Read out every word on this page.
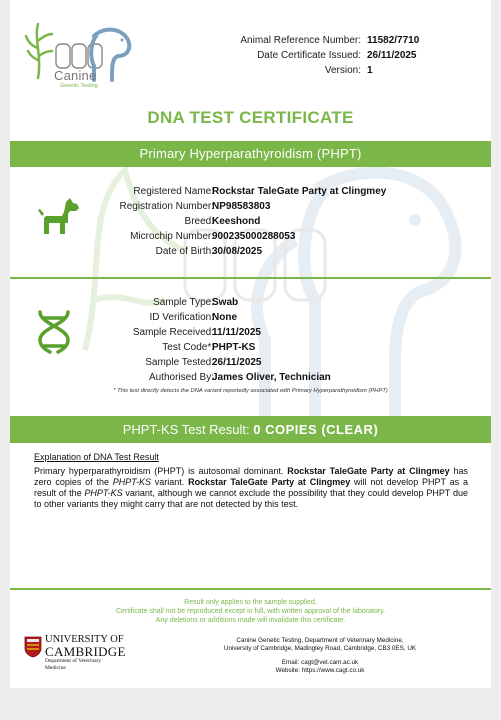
Canine
Genetic Testing
Animal Reference Number: 11582/7710
Date Certificate Issued: 26/11/2025
Version: 1
DNA TEST CERTIFICATE
Primary Hyperparathyroidism (PHPT)
Registered Name:
Rockstar TaleGate Party at Clingmey
Registration Number:
NP98583803
Breed:
Keeshond
Microchip Number:
900235000288053
Date of Birth:
30/08/2025
Sample Type:
Swab
ID Verification:
None
Sample Received:
11/11/2025
Test Code*:
PHPT-KS
Sample Tested:
26/11/2025
Authorised By:
James Oliver, Technician
* This test directly detects the DNA variant reportedly associated with Primary Hyperparathyroidism (PHPT)
PHPT-KS Test Result: 0 COPIES (CLEAR)
Explanation of DNA Test Result
Primary hyperparathyroidism (PHPT) is autosomal dominant. Rockstar TaleGate Party at Clingmey has zero copies of the PHPT-KS variant. Rockstar TaleGate Party at Clingmey will not develop PHPT as a result of the PHPT-KS variant, although we cannot exclude the possibility that they could develop PHPT due to other variants they might carry that are not detected by this test.
Result only applies to the sample supplied.
Certificate shall not be reproduced except in full, with written approval of the laboratory.
Any deletions or additions made will invalidate this certificate.
UNIVERSITY OF
CAMBRIDGE
Department of Veterinary Medicine
Canine Genetic Testing, Department of Veterinary Medicine,
University of Cambridge, Madingley Road, Cambridge, CB3 0ES, UK
Email: cagt@vet.cam.ac.uk
Website: https://www.cagt.co.uk
